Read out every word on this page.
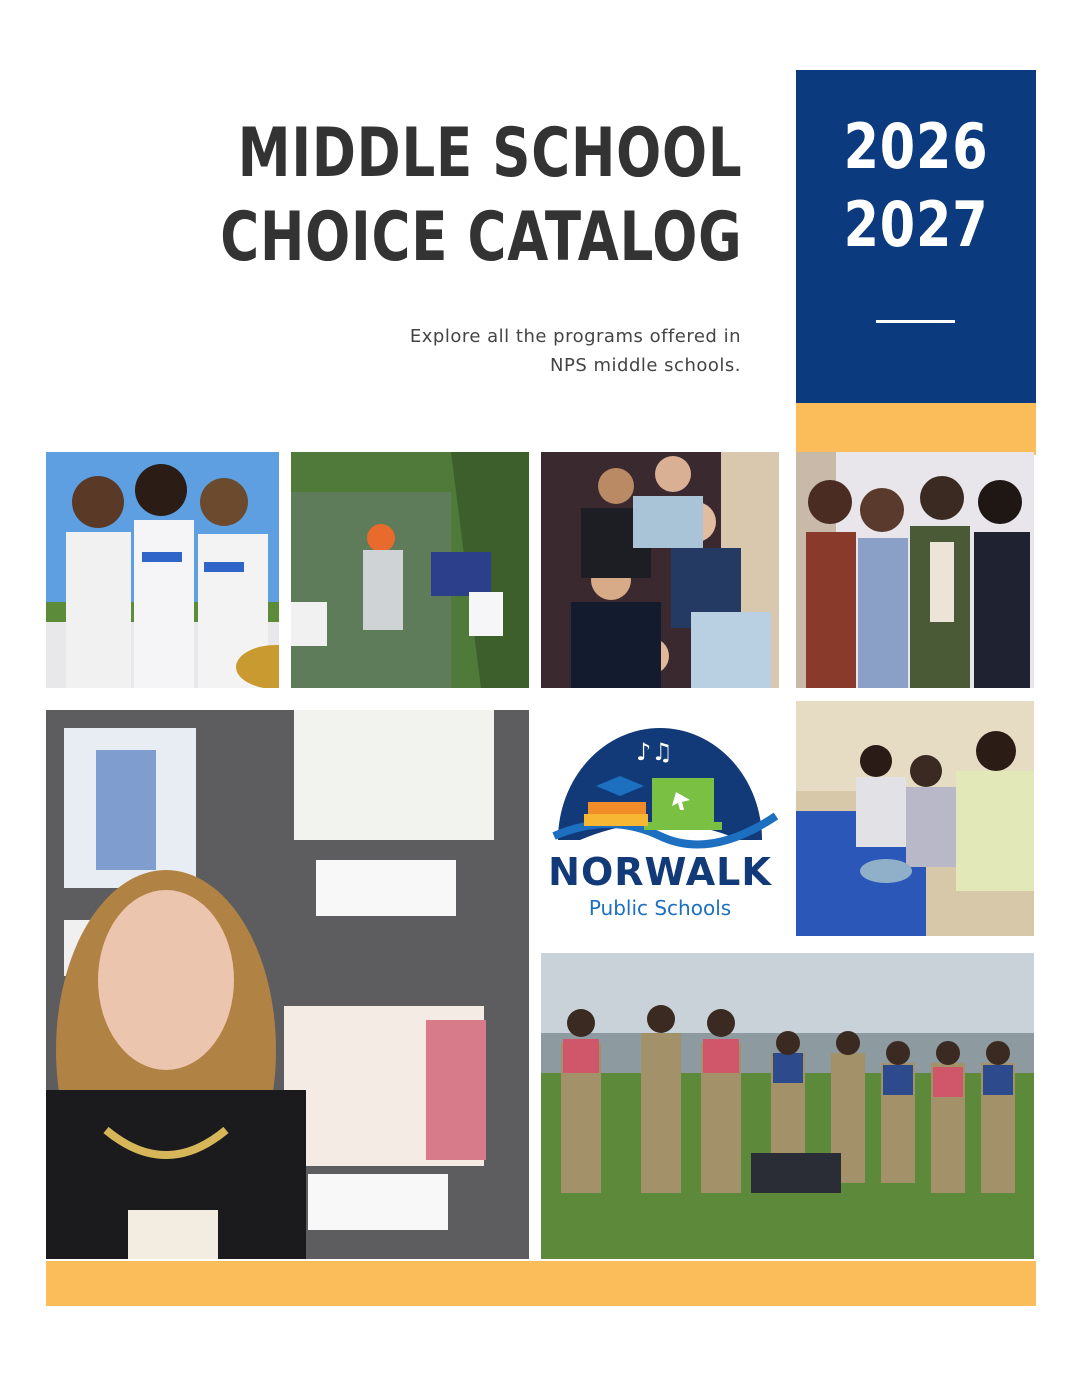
MIDDLE SCHOOL
CHOICE CATALOG
Explore all the programs offered in
NPS middle schools.
2026
2027
♪♫
NORWALK
Public Schools
